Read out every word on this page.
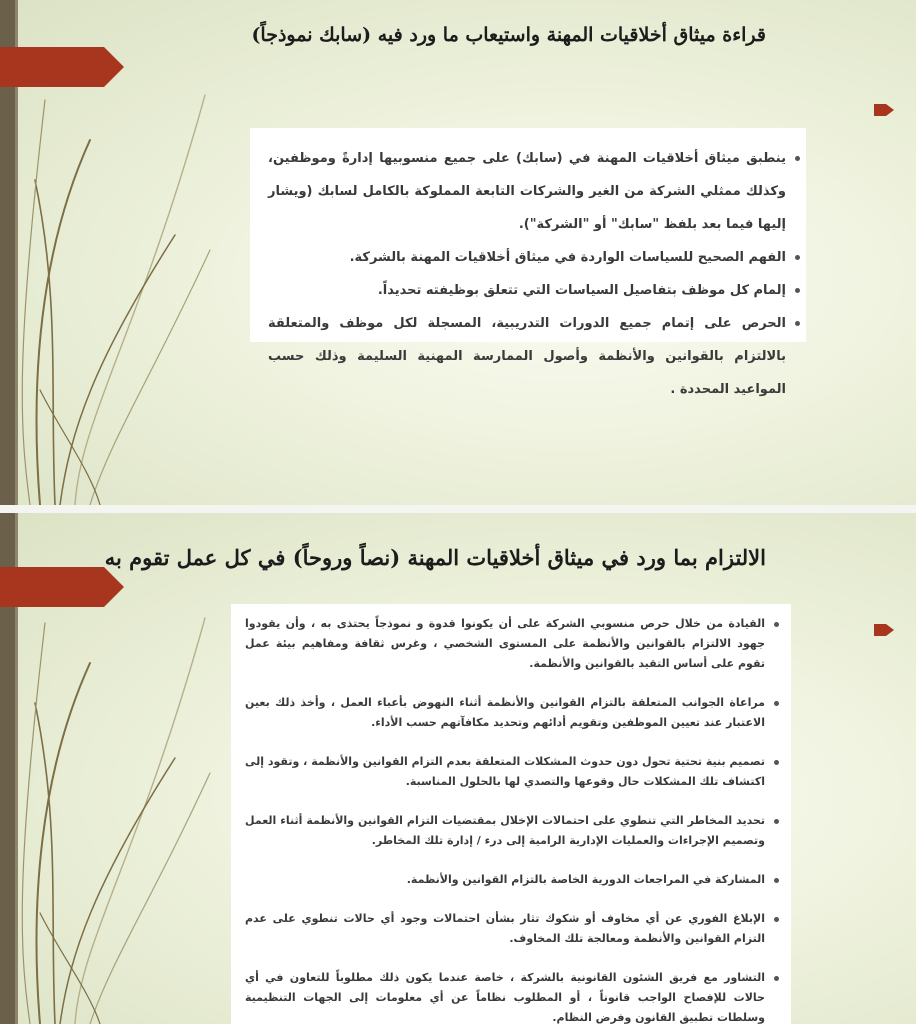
قراءة ميثاق أخلاقيات المهنة واستيعاب ما ورد فيه (سابك نموذجاً)
ينطبق ميثاق أخلاقيات المهنة في (سابك) على جميع منسوبيها إدارةً وموظفين، وكذلك ممثلي الشركة من الغير والشركات التابعة المملوكة بالكامل لسابك (ويشار إليها فيما بعد بلفظ "سابك" أو "الشركة").
الفهم الصحيح للسياسات الواردة في ميثاق أخلاقيات المهنة بالشركة.
إلمام كل موظف بتفاصيل السياسات التي تتعلق بوظيفته تحديداً.
الحرص على إتمام جميع الدورات التدريبية، المسجلة لكل موظف والمتعلقة بالالتزام بالقوانين والأنظمة وأصول الممارسة المهنية السليمة وذلك حسب المواعيد المحددة .
الالتزام بما ورد في ميثاق أخلاقيات المهنة (نصاً وروحاً) في كل عمل تقوم به
القيادة من خلال حرص منسوبي الشركة على أن يكونوا قدوة و نموذجاً يحتذى به ، وأن يقودوا جهود الالتزام بالقوانين والأنظمة على المستوى الشخصي ، وغرس ثقافة ومفاهيم بيئة عمل تقوم على أساس التقيد بالقوانين والأنظمة.
مراعاة الجوانب المتعلقة بالتزام القوانين والأنظمة أثناء النهوض بأعباء العمل ، وأخذ ذلك بعين الاعتبار عند تعيين الموظفين وتقويم أدائهم وتحديد مكافآتهم حسب الأداء.
تصميم بنية تحتية تحول دون حدوث المشكلات المتعلقة بعدم التزام القوانين والأنظمة ، وتقود إلى اكتشاف تلك المشكلات حال وقوعها والتصدي لها بالحلول المناسبة.
تحديد المخاطر التي تنطوي على احتمالات الإخلال بمقتضيات التزام القوانين والأنظمة أثناء العمل وتصميم الإجراءات والعمليات الإدارية الرامية إلى درء / إدارة تلك المخاطر.
المشاركة في المراجعات الدورية الخاصة بالتزام القوانين والأنظمة.
الإبلاغ الفوري عن أي مخاوف أو شكوك تثار بشأن احتمالات وجود أي حالات تنطوي على عدم التزام القوانين والأنظمة ومعالجة تلك المخاوف.
التشاور مع فريق الشئون القانونية بالشركة ، خاصة عندما يكون ذلك مطلوباً للتعاون في أي حالات للإفصاح الواجب قانوناً ، أو المطلوب نظاماً عن أي معلومات إلى الجهات التنظيمية وسلطات تطبيق القانون وفرض النظام.
